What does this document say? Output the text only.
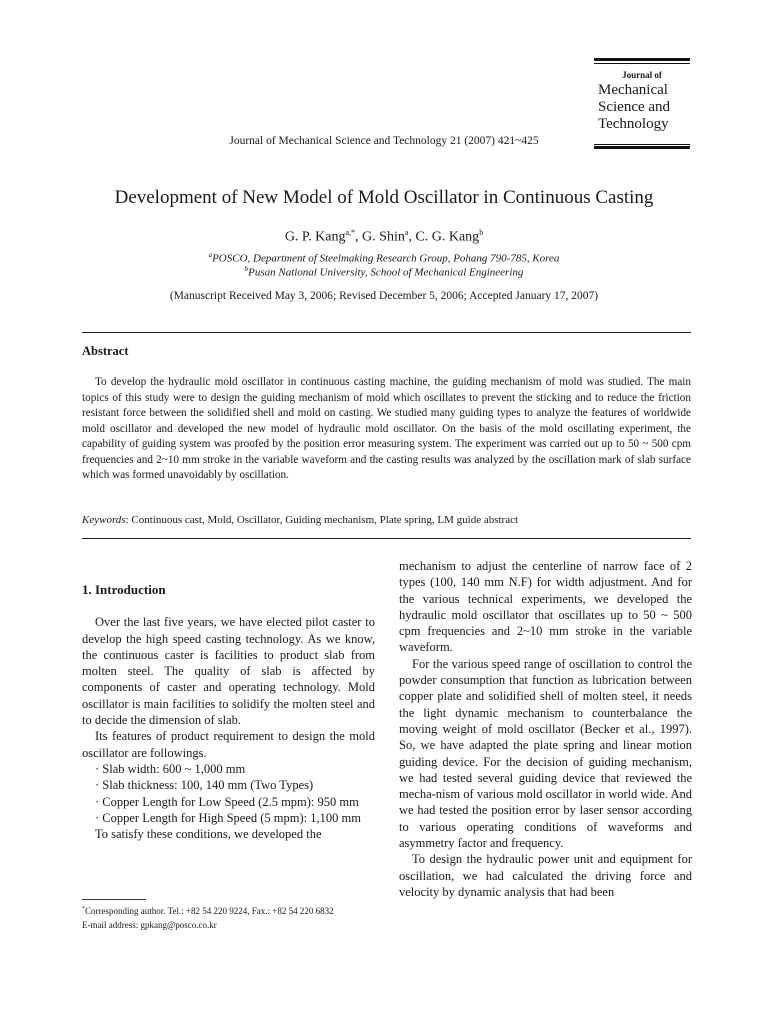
Journal of
Mechanical
Science and
Technology
Journal of Mechanical Science and Technology 21 (2007) 421~425
Development of New Model of Mold Oscillator in Continuous Casting
G. P. Kang$^{a,*}$, G. Shin$^a$, C. G. Kang$^b$
$^a$POSCO, Department of Steelmaking Research Group, Pohang 790-785, Korea
$^b$Pusan National University, School of Mechanical Engineering
(Manuscript Received May 3, 2006; Revised December 5, 2006; Accepted January 17, 2007)
Abstract
To develop the hydraulic mold oscillator in continuous casting machine, the guiding mechanism of mold was studied. The main topics of this study were to design the guiding mechanism of mold which oscillates to prevent the sticking and to reduce the friction resistant force between the solidified shell and mold on casting. We studied many guiding types to analyze the features of worldwide mold oscillator and developed the new model of hydraulic mold oscillator. On the basis of the mold oscillating experiment, the capability of guiding system was proofed by the position error measuring system. The experiment was carried out up to 50 ~ 500 cpm frequencies and 2~10 mm stroke in the variable waveform and the casting results was analyzed by the oscillation mark of slab surface which was formed unavoidably by oscillation.
Keywords: Continuous cast, Mold, Oscillator, Guiding mechanism, Plate spring, LM guide abstract

1. Introduction

Over the last five years, we have elected pilot caster to develop the high speed casting technology. As we know, the continuous caster is facilities to product slab from molten steel. The quality of slab is affected by components of caster and operating technology. Mold oscillator is main facilities to solidify the molten steel and to decide the dimension of slab.

Its features of product requirement to design the mold oscillator are followings.

· Slab width: 600 ~ 1,000 mm

· Slab thickness: 100, 140 mm (Two Types)

· Copper Length for Low Speed (2.5 mpm): 950 mm

· Copper Length for High Speed (5 mpm): 1,100 mm

To satisfy these conditions, we developed the

mechanism to adjust the centerline of narrow face of 2 types (100, 140 mm N.F) for width adjustment. And for the various technical experiments, we developed the hydraulic mold oscillator that oscillates up to 50 ~ 500 cpm frequencies and 2~10 mm stroke in the variable waveform.

For the various speed range of oscillation to control the powder consumption that function as lubrication between copper plate and solidified shell of molten steel, it needs the light dynamic mechanism to counterbalance the moving weight of mold oscillator (Becker et al., 1997). So, we have adapted the plate spring and linear motion guiding device. For the decision of guiding mechanism, we had tested several guiding device that reviewed the mecha-nism of various mold oscillator in world wide. And we had tested the position error by laser sensor according to various operating conditions of waveforms and asymmetry factor and frequency.

To design the hydraulic power unit and equipment for oscillation, we had calculated the driving force and velocity by dynamic analysis that had been

*Corresponding author. Tel.: +82 54 220 9224, Fax.: +82 54 220 6832
E-mail address: gpkang@posco.co.kr
